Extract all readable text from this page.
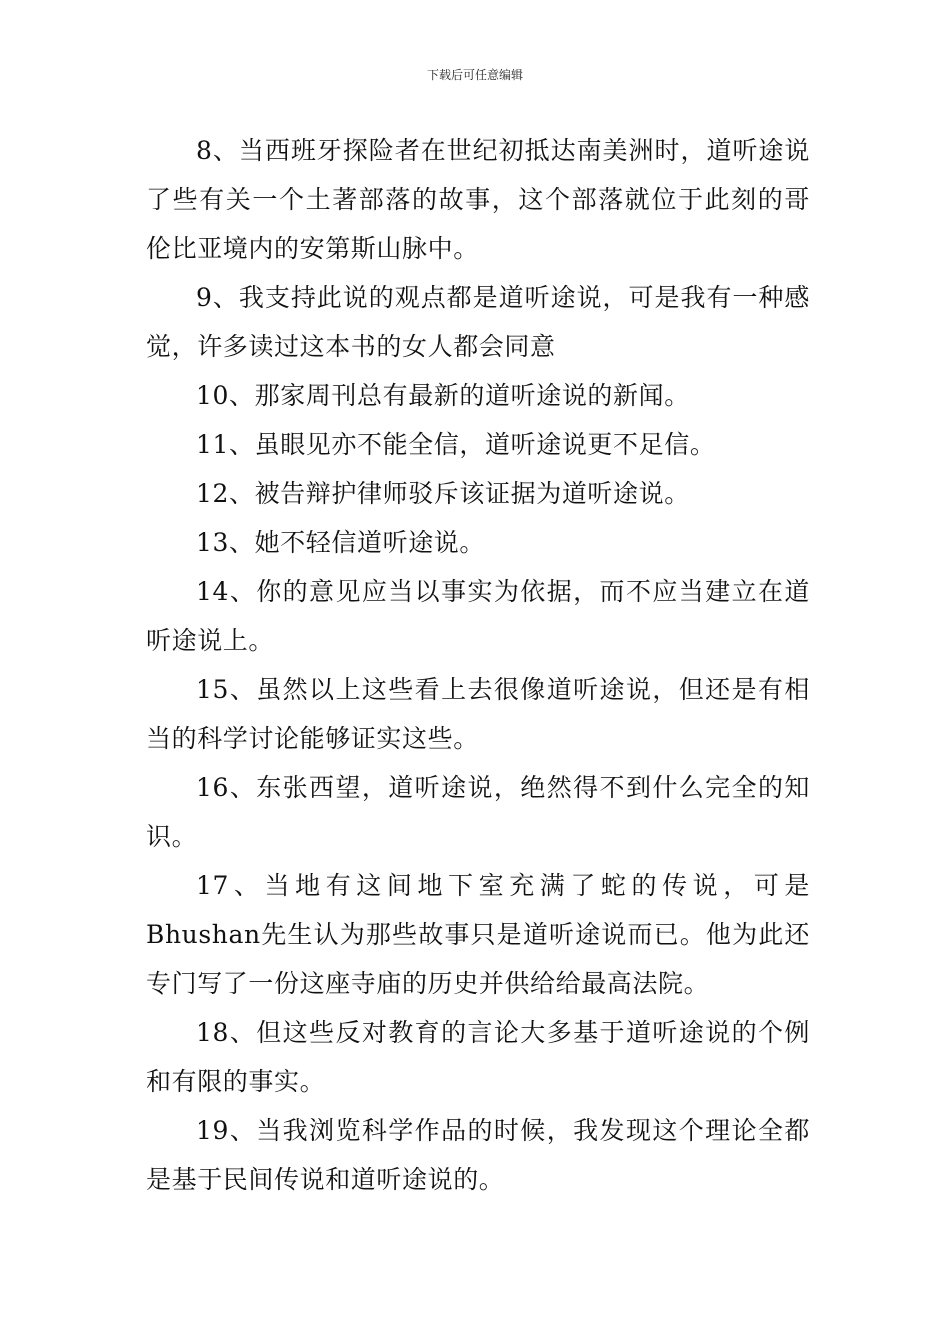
下载后可任意编辑

8、当西班牙探险者在世纪初抵达南美洲时，道听途说了些有关一个土著部落的故事，这个部落就位于此刻的哥伦比亚境内的安第斯山脉中。

9、我支持此说的观点都是道听途说，可是我有一种感觉，许多读过这本书的女人都会同意

10、那家周刊总有最新的道听途说的新闻。

11、虽眼见亦不能全信，道听途说更不足信。

12、被告辩护律师驳斥该证据为道听途说。

13、她不轻信道听途说。

14、你的意见应当以事实为依据，而不应当建立在道听途说上。

15、虽然以上这些看上去很像道听途说，但还是有相当的科学讨论能够证实这些。

16、东张西望，道听途说，绝然得不到什么完全的知识。

17、当地有这间地下室充满了蛇的传说，可是Bhushan先生认为那些故事只是道听途说而已。他为此还专门写了一份这座寺庙的历史并供给给最高法院。

18、但这些反对教育的言论大多基于道听途说的个例和有限的事实。

19、当我浏览科学作品的时候，我发现这个理论全都是基于民间传说和道听途说的。
